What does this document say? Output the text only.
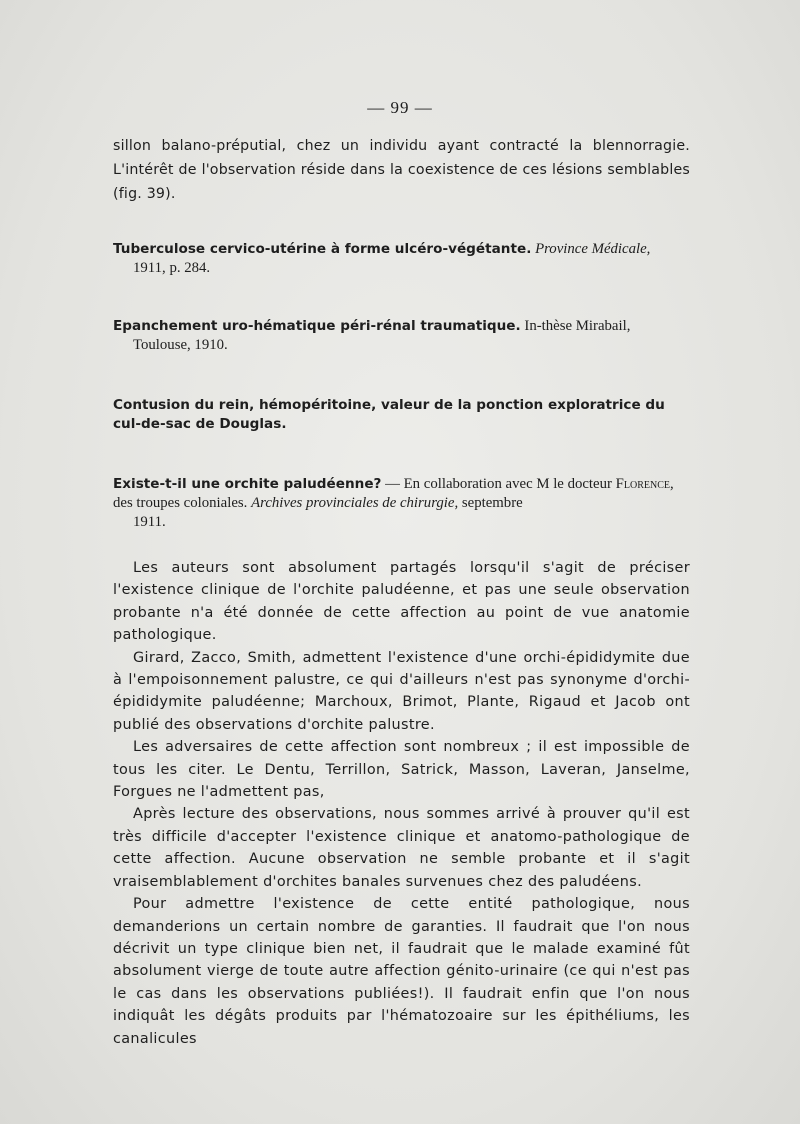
— 99 —

sillon balano-préputial, chez un individu ayant contracté la blennorragie. L'intérêt de l'observation réside dans la coexistence de ces lésions semblables (fig. 39).

Tuberculose cervico-utérine à forme ulcéro-végétante. Province Médicale,
1911, p. 284.
Epanchement uro-hématique péri-rénal traumatique. In-thèse Mirabail,
Toulouse, 1910.
Contusion du rein, hémopéritoine, valeur de la ponction exploratrice du cul-de-sac de Douglas.
Existe-t-il une orchite paludéenne? — En collaboration avec M le docteur Florence, des troupes coloniales. Archives provinciales de chirurgie, septembre
1911.

Les auteurs sont absolument partagés lorsqu'il s'agit de préciser l'existence clinique de l'orchite paludéenne, et pas une seule observation probante n'a été donnée de cette affection au point de vue anatomie pathologique.

Girard, Zacco, Smith, admettent l'existence d'une orchi-épididymite due à l'empoisonnement palustre, ce qui d'ailleurs n'est pas synonyme d'orchi-épididymite paludéenne; Marchoux, Brimot, Plante, Rigaud et Jacob ont publié des observations d'orchite palustre.

Les adversaires de cette affection sont nombreux ; il est impossible de tous les citer. Le Dentu, Terrillon, Satrick, Masson, Laveran, Janselme, Forgues ne l'admettent pas,

Après lecture des observations, nous sommes arrivé à prouver qu'il est très difficile d'accepter l'existence clinique et anatomo-pathologique de cette affection. Aucune observation ne semble probante et il s'agit vraisemblablement d'orchites banales survenues chez des paludéens.

Pour admettre l'existence de cette entité pathologique, nous demanderions un certain nombre de garanties. Il faudrait que l'on nous décrivit un type clinique bien net, il faudrait que le malade examiné fût absolument vierge de toute autre affection génito-urinaire (ce qui n'est pas le cas dans les observations publiées!). Il faudrait enfin que l'on nous indiquât les dégâts produits par l'hématozoaire sur les épithéliums, les canalicules
